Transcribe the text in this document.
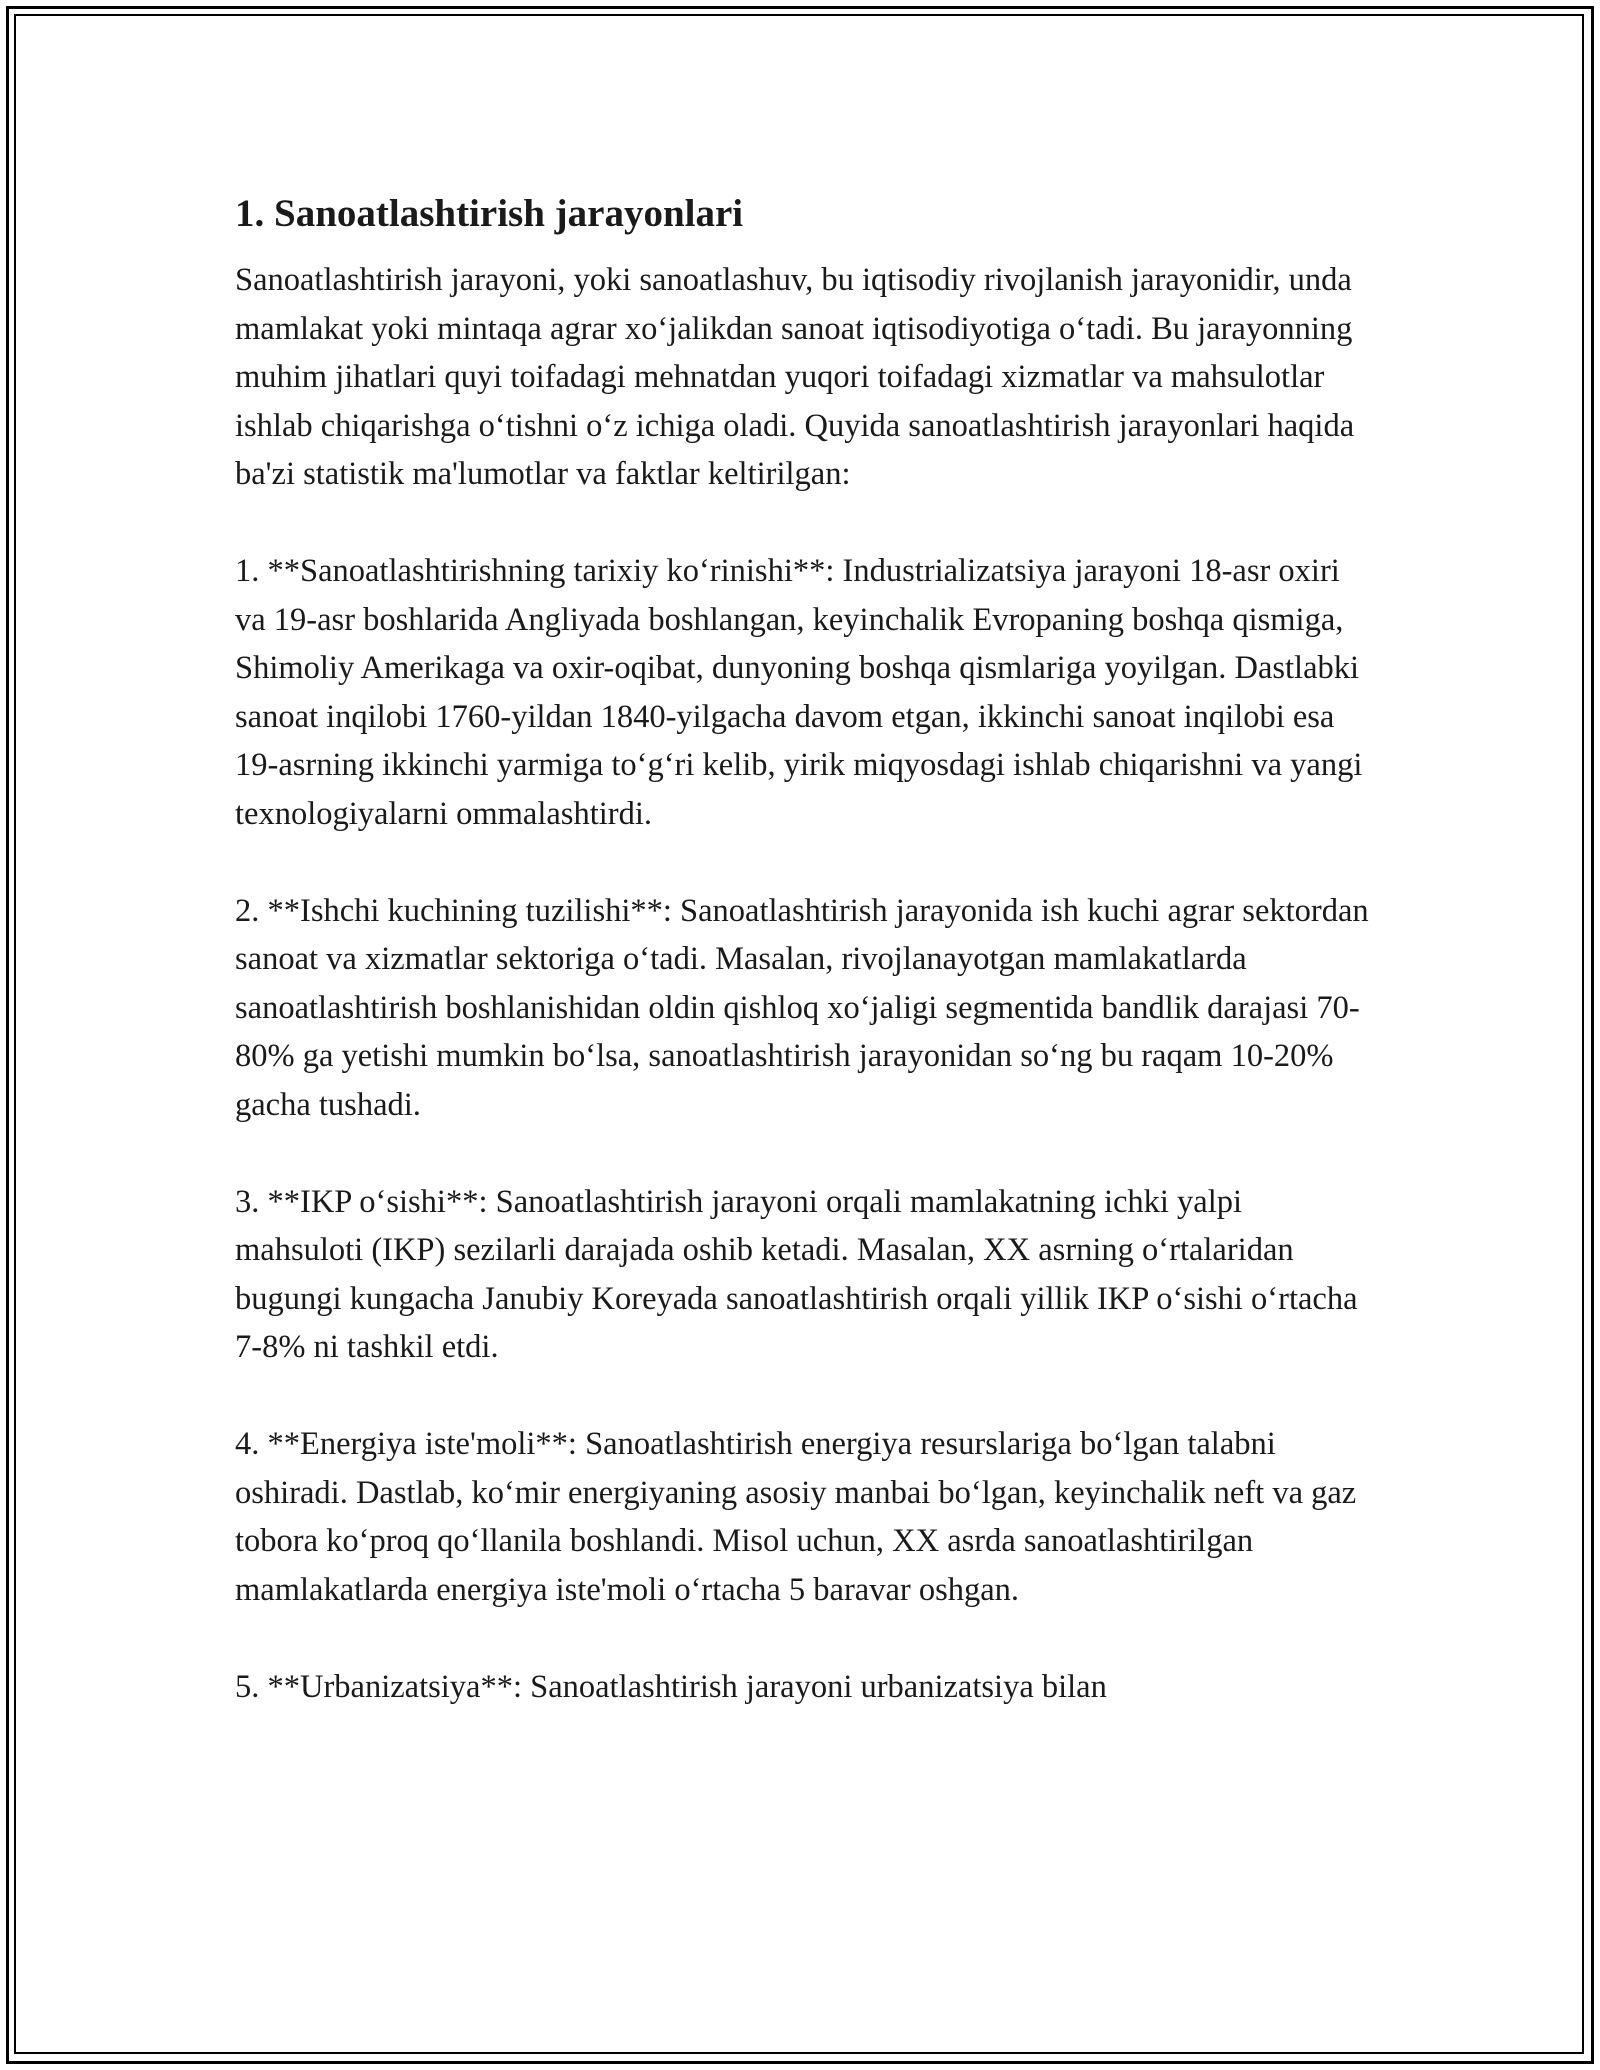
1. Sanoatlashtirish jarayonlari

Sanoatlashtirish jarayoni, yoki sanoatlashuv, bu iqtisodiy rivojlanish jarayonidir, unda mamlakat yoki mintaqa agrar xo‘jalikdan sanoat iqtisodiyotiga o‘tadi. Bu jarayonning muhim jihatlari quyi toifadagi mehnatdan yuqori toifadagi xizmatlar va mahsulotlar ishlab chiqarishga o‘tishni o‘z ichiga oladi. Quyida sanoatlashtirish jarayonlari haqida ba'zi statistik ma'lumotlar va faktlar keltirilgan:

1. **Sanoatlashtirishning tarixiy ko‘rinishi**: Industrializatsiya jarayoni 18-asr oxiri va 19-asr boshlarida Angliyada boshlangan, keyinchalik Evropaning boshqa qismiga, Shimoliy Amerikaga va oxir-oqibat, dunyoning boshqa qismlariga yoyilgan. Dastlabki sanoat inqilobi 1760-yildan 1840-yilgacha davom etgan, ikkinchi sanoat inqilobi esa 19-asrning ikkinchi yarmiga to‘g‘ri kelib, yirik miqyosdagi ishlab chiqarishni va yangi texnologiyalarni ommalashtirdi.

2. **Ishchi kuchining tuzilishi**: Sanoatlashtirish jarayonida ish kuchi agrar sektordan sanoat va xizmatlar sektoriga o‘tadi. Masalan, rivojlanayotgan mamlakatlarda sanoatlashtirish boshlanishidan oldin qishloq xo‘jaligi segmentida bandlik darajasi 70-80% ga yetishi mumkin bo‘lsa, sanoatlashtirish jarayonidan so‘ng bu raqam 10-20% gacha tushadi.

3. **IKP o‘sishi**: Sanoatlashtirish jarayoni orqali mamlakatning ichki yalpi mahsuloti (IKP) sezilarli darajada oshib ketadi. Masalan, XX asrning o‘rtalaridan bugungi kungacha Janubiy Koreyada sanoatlashtirish orqali yillik IKP o‘sishi o‘rtacha 7-8% ni tashkil etdi.

4. **Energiya iste'moli**: Sanoatlashtirish energiya resurslariga bo‘lgan talabni oshiradi. Dastlab, ko‘mir energiyaning asosiy manbai bo‘lgan, keyinchalik neft va gaz tobora ko‘proq qo‘llanila boshlandi. Misol uchun, XX asrda sanoatlashtirilgan mamlakatlarda energiya iste'moli o‘rtacha 5 baravar oshgan.

5. **Urbanizatsiya**: Sanoatlashtirish jarayoni urbanizatsiya bilan
